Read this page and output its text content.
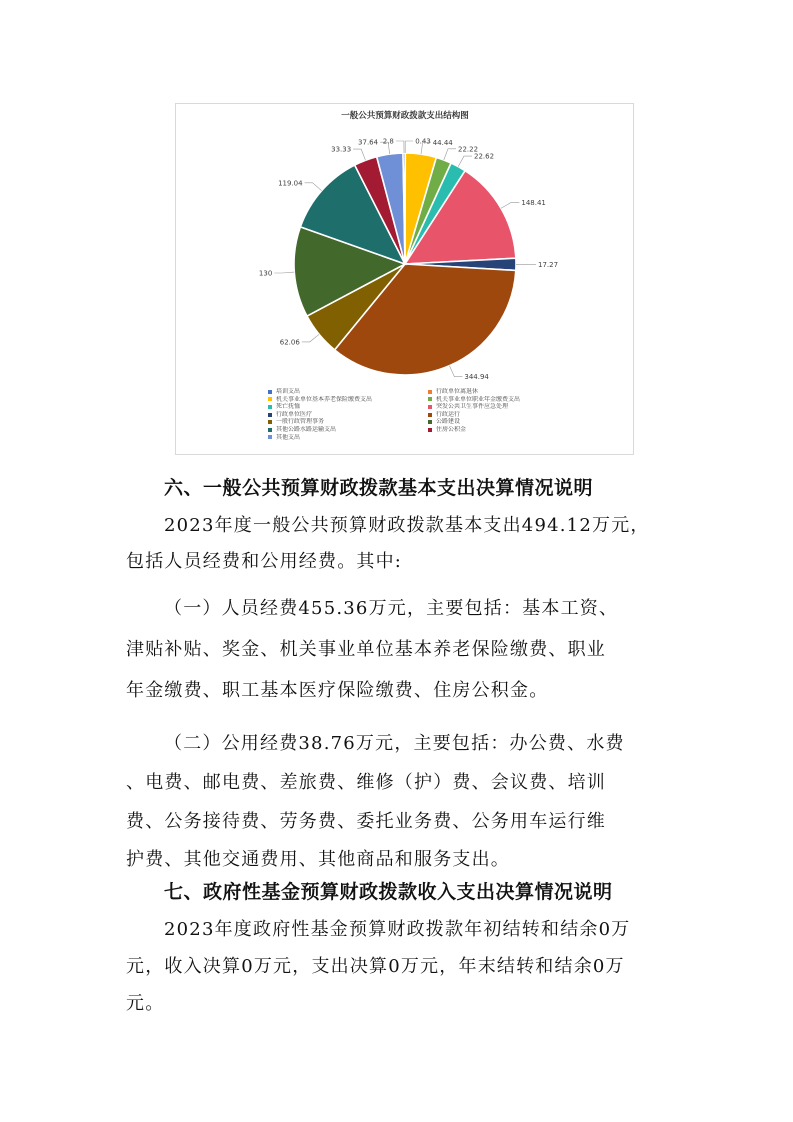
一般公共预算财政拨款支出结构图
0.43 44.44
22.22
22.62
148.41
17.27
344.94
62.06
130
119.04
33.33
37.64 2.8
培训支出	行政单位离退休
机关事业单位基本养老保险缴费支出	机关事业单位职业年金缴费支出
死亡抚恤	突发公共卫生事件应急处理
行政单位医疗	行政运行
一般行政管理事务	公路建设
其他公路水路运输支出	住房公积金
其他支出
六、一般公共预算财政拨款基本支出决算情况说明
2023年度一般公共预算财政拨款基本支出494.12万元，
包括人员经费和公用经费。其中:
（一）人员经费455.36万元，主要包括：基本工资、
津贴补贴、奖金、机关事业单位基本养老保险缴费、职业
年金缴费、职工基本医疗保险缴费、住房公积金。
（二）公用经费38.76万元，主要包括：办公费、水费
、电费、邮电费、差旅费、维修（护）费、会议费、培训
费、公务接待费、劳务费、委托业务费、公务用车运行维
护费、其他交通费用、其他商品和服务支出。
七、政府性基金预算财政拨款收入支出决算情况说明
2023年度政府性基金预算财政拨款年初结转和结余0万
元，收入决算0万元，支出决算0万元，年末结转和结余0万
元。
